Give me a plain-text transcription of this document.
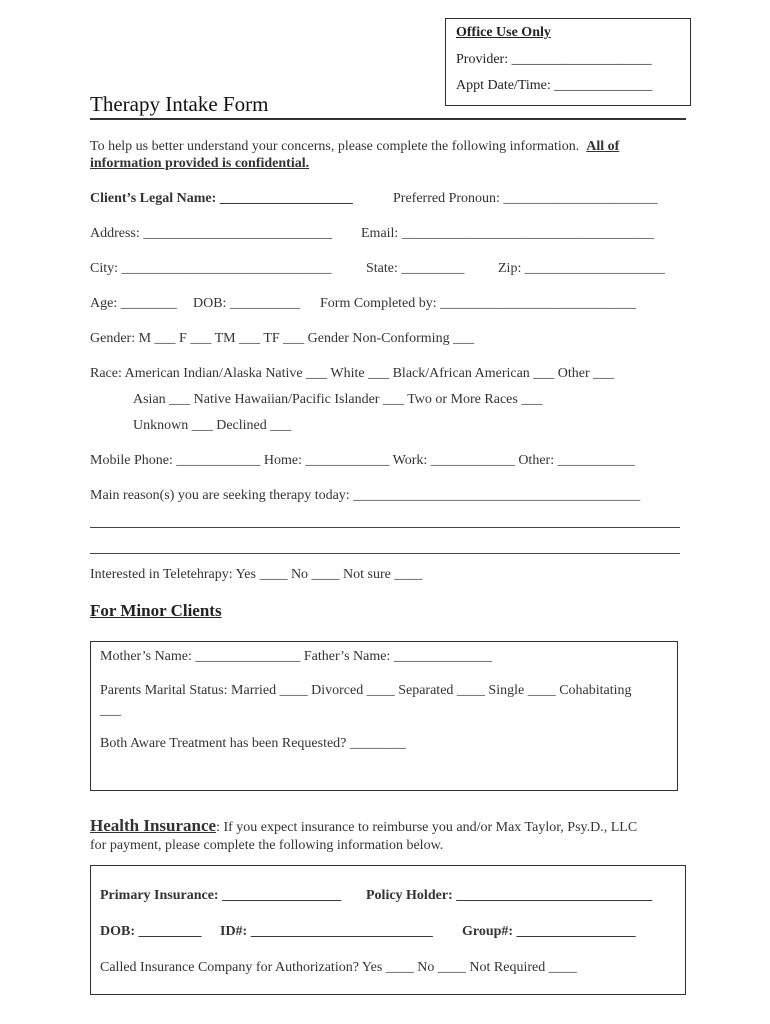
Office Use Only
Provider: ____________________
Appt Date/Time: ______________
Therapy Intake Form
To help us better understand your concerns, please complete the following information. All of
information provided is confidential.
Client’s Legal Name: ___________________	Preferred Pronoun: ______________________
Address: ___________________________ Email: ____________________________________
City: ______________________________ State: _________ Zip: ____________________
Age: ________ DOB: __________ Form Completed by: ____________________________
Gender: M ___ F ___ TM ___ TF ___ Gender Non-Conforming ___
Race: American Indian/Alaska Native ___ White ___ Black/African American ___ Other ___
Asian ___ Native Hawaiian/Pacific Islander ___ Two or More Races ___
Unknown ___ Declined ___
Mobile Phone: ____________ Home: ____________ Work: ____________ Other: ___________
Main reason(s) you are seeking therapy today: _________________________________________
Interested in Teletehrapy: Yes ____ No ____ Not sure ____
For Minor Clients
Mother’s Name: _______________ Father’s Name: ______________
Parents Marital Status: Married ____ Divorced ____ Separated ____ Single ____ Cohabitating
___
Both Aware Treatment has been Requested? ________
Health Insurance: If you expect insurance to reimburse you and/or Max Taylor, Psy.D., LLC
for payment, please complete the following information below.
Primary Insurance: _________________ Policy Holder: ____________________________
DOB: _________ ID#: __________________________ Group#: _________________
Called Insurance Company for Authorization? Yes ____ No ____ Not Required ____
